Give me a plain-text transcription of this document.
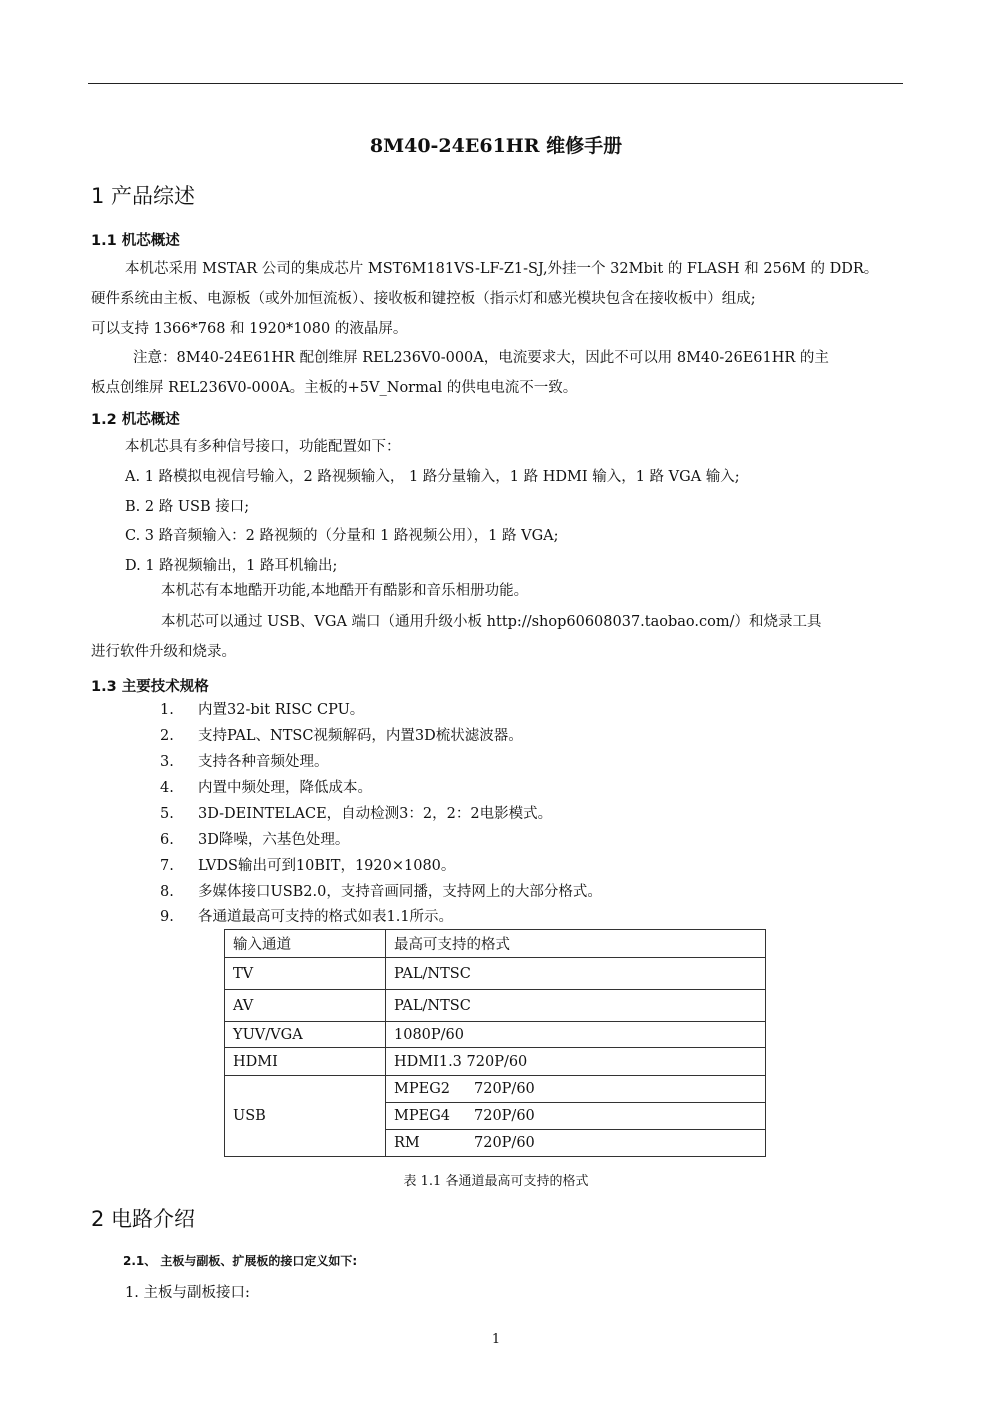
8M40-24E61HR 维修手册
1 产品综述
1.1 机芯概述
本机芯采用 MSTAR 公司的集成芯片 MST6M181VS-LF-Z1-SJ,外挂一个 32Mbit 的 FLASH 和 256M 的 DDR。
硬件系统由主板、电源板（或外加恒流板）、接收板和键控板（指示灯和感光模块包含在接收板中）组成;
可以支持 1366*768 和 1920*1080 的液晶屏。
注意：8M40-24E61HR 配创维屏 REL236V0-000A，电流要求大，因此不可以用 8M40-26E61HR 的主
板点创维屏 REL236V0-000A。主板的+5V_Normal 的供电电流不一致。
1.2 机芯概述
本机芯具有多种信号接口，功能配置如下：
A. 1 路模拟电视信号输入，2 路视频输入， 1 路分量输入，1 路 HDMI 输入，1 路 VGA 输入;
B. 2 路 USB 接口;
C. 3 路音频输入：2 路视频的（分量和 1 路视频公用），1 路 VGA;
D. 1 路视频输出，1 路耳机输出;
本机芯有本地酷开功能,本地酷开有酷影和音乐相册功能。
本机芯可以通过 USB、VGA 端口（通用升级小板 http://shop60608037.taobao.com/）和烧录工具
进行软件升级和烧录。
1.3 主要技术规格
1. 内置32-bit RISC CPU。
2. 支持PAL、NTSC视频解码，内置3D梳状滤波器。
3. 支持各种音频处理。
4. 内置中频处理，降低成本。
5. 3D-DEINTELACE，自动检测3：2，2：2电影模式。
6. 3D降噪，六基色处理。
7. LVDS输出可到10BIT，1920×1080。
8. 多媒体接口USB2.0，支持音画同播，支持网上的大部分格式。
9. 各通道最高可支持的格式如表1.1所示。
输入通道	最高可支持的格式
TV	PAL/NTSC
AV	PAL/NTSC
YUV/VGA	1080P/60
HDMI	HDMI1.3 720P/60
USB	MPEG2 720P/60
	MPEG4 720P/60
	RM 720P/60
表 1.1 各通道最高可支持的格式
2 电路介绍
2.1、 主板与副板、扩展板的接口定义如下:
1. 主板与副板接口:
1
